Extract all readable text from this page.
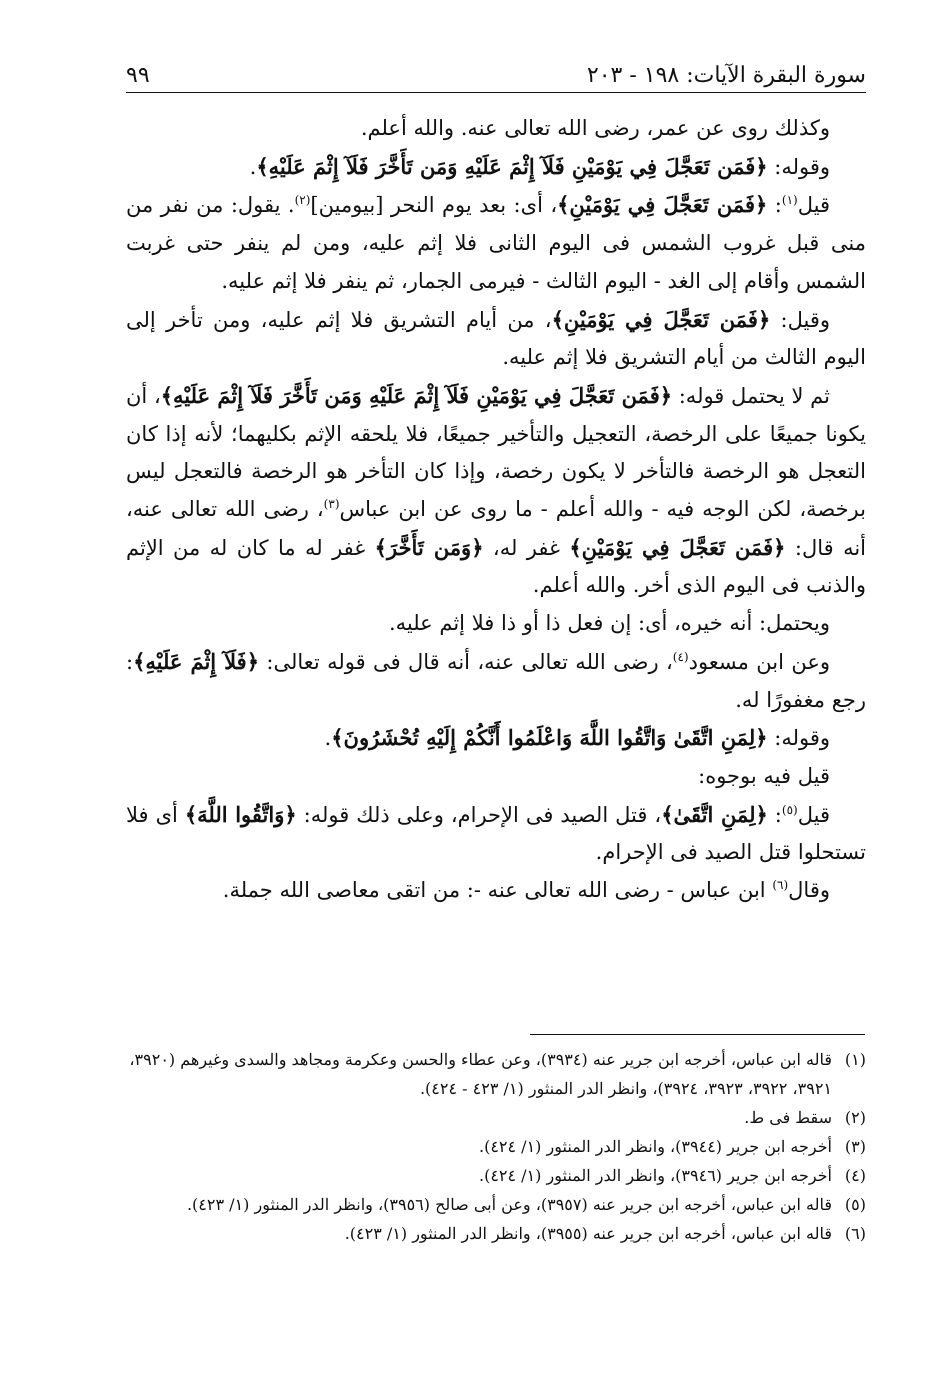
سورة البقرة الآيات: ١٩٨ - ٢٠٣
٩٩

وكذلك روى عن عمر، رضى الله تعالى عنه. والله أعلم.

وقوله: ﴿فَمَن تَعَجَّلَ فِي يَوْمَيْنِ فَلَآ إِثْمَ عَلَيْهِ وَمَن تَأَخَّرَ فَلَآ إِثْمَ عَلَيْهِ﴾.

قيل$^{(١)}$: ﴿فَمَن تَعَجَّلَ فِي يَوْمَيْنِ﴾، أى: بعد يوم النحر [بيومين]$^{(٢)}$. يقول: من نفر من منى قبل غروب الشمس فى اليوم الثانى فلا إثم عليه، ومن لم ينفر حتى غربت الشمس وأقام إلى الغد - اليوم الثالث - فيرمى الجمار، ثم ينفر فلا إثم عليه.

وقيل: ﴿فَمَن تَعَجَّلَ فِي يَوْمَيْنِ﴾، من أيام التشريق فلا إثم عليه، ومن تأخر إلى اليوم الثالث من أيام التشريق فلا إثم عليه.

ثم لا يحتمل قوله: ﴿فَمَن تَعَجَّلَ فِي يَوْمَيْنِ فَلَآ إِثْمَ عَلَيْهِ وَمَن تَأَخَّرَ فَلَآ إِثْمَ عَلَيْهِ﴾، أن يكونا جميعًا على الرخصة، التعجيل والتأخير جميعًا، فلا يلحقه الإثم بكليهما؛ لأنه إذا كان التعجل هو الرخصة فالتأخر لا يكون رخصة، وإذا كان التأخر هو الرخصة فالتعجل ليس برخصة، لكن الوجه فيه - والله أعلم - ما روى عن ابن عباس$^{(٣)}$، رضى الله تعالى عنه، أنه قال: ﴿فَمَن تَعَجَّلَ فِي يَوْمَيْنِ﴾ غفر له، ﴿وَمَن تَأَخَّرَ﴾ غفر له ما كان له من الإثم والذنب فى اليوم الذى أخر. والله أعلم.

ويحتمل: أنه خيره، أى: إن فعل ذا أو ذا فلا إثم عليه.

وعن ابن مسعود$^{(٤)}$، رضى الله تعالى عنه، أنه قال فى قوله تعالى: ﴿فَلَآ إِثْمَ عَلَيْهِ﴾: رجع مغفورًا له.

وقوله: ﴿لِمَنِ اتَّقَىٰ وَاتَّقُوا اللَّهَ وَاعْلَمُوا أَنَّكُمْ إِلَيْهِ تُحْشَرُونَ﴾.

قيل فيه بوجوه:

قيل$^{(٥)}$: ﴿لِمَنِ اتَّقَىٰ﴾، قتل الصيد فى الإحرام، وعلى ذلك قوله: ﴿وَاتَّقُوا اللَّهَ﴾ أى فلا تستحلوا قتل الصيد فى الإحرام.

وقال$^{(٦)}$ ابن عباس - رضى الله تعالى عنه -: من اتقى معاصى الله جملة.

(١)
قاله ابن عباس، أخرجه ابن جرير عنه (٣٩٣٤)، وعن عطاء والحسن وعكرمة ومجاهد والسدى وغيرهم (٣٩٢٠، ٣٩٢١، ٣٩٢٢، ٣٩٢٣، ٣٩٢٤)، وانظر الدر المنثور (١/ ٤٢٣ - ٤٢٤).
(٢)
سقط فى ط.
(٣)
أخرجه ابن جرير (٣٩٤٤)، وانظر الدر المنثور (١/ ٤٢٤).
(٤)
أخرجه ابن جرير (٣٩٤٦)، وانظر الدر المنثور (١/ ٤٢٤).
(٥)
قاله ابن عباس، أخرجه ابن جرير عنه (٣٩٥٧)، وعن أبى صالح (٣٩٥٦)، وانظر الدر المنثور (١/ ٤٢٣).
(٦)
قاله ابن عباس، أخرجه ابن جرير عنه (٣٩٥٥)، وانظر الدر المنثور (١/ ٤٢٣).
